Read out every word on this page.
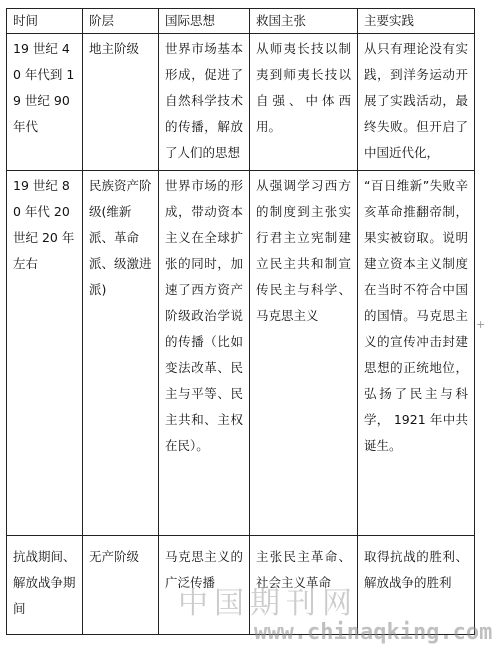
时间	阶层	国际思想	救国主张	主要实践
19 世纪 40 年代到 19 世纪 90 年代	地主阶级	世界市场基本形成，促进了自然科学技术的传播，解放了人们的思想	从师夷长技以制夷到师夷长技以自强、中体西用。	从只有理论没有实践，到洋务运动开展了实践活动，最终失败。但开启了中国近代化，
19 世纪 80 年代 20 世纪 20 年左右	民族资产阶级(维新派、革命派、级激进派)	世界市场的形成，带动资本主义在全球扩张的同时，加速了西方资产阶级政治学说的传播（比如变法改革、民主与平等、民主共和、主权在民）。	从强调学习西方的制度到主张实行君主立宪制建立民主共和制宣传民主与科学、马克思主义	“百日维新”失败辛亥革命推翻帝制，果实被窃取。说明建立资本主义制度在当时不符合中国的国情。马克思主义的宣传冲击封建思想的正统地位，弘扬了民主与科学， 1921 年中共诞生。
抗战期间、解放战争期间	无产阶级	马克思主义的广泛传播	主张民主革命、社会主义革命	取得抗战的胜利、解放战争的胜利
+
中国期刊网
www.chinaqking.com
